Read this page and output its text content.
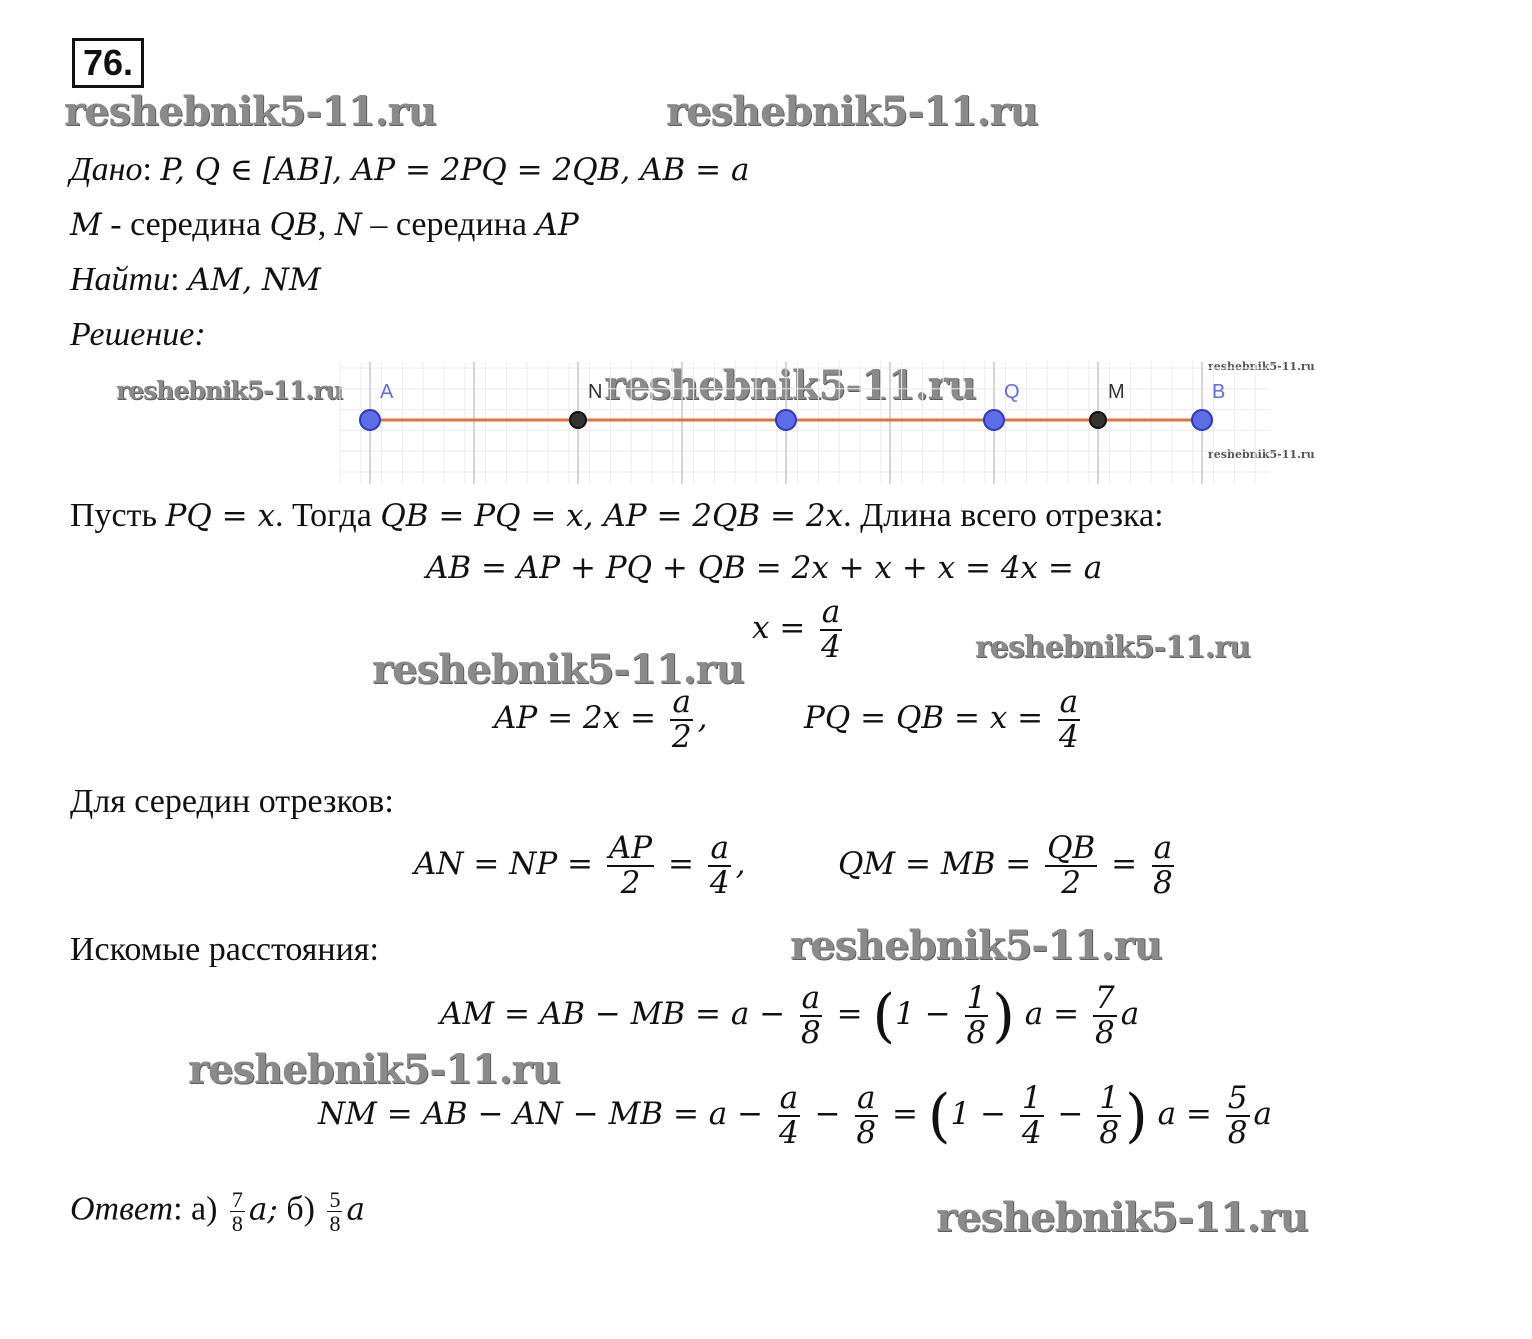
76.
reshebnik5-11.ru	reshebnik5-11.ru
reshebnik5-11.ru	reshebnik5-11.ru	reshebnik5-11.ru
reshebnik5-11.ru
reshebnik5-11.ru
reshebnik5-11.ru
reshebnik5-11.ru
reshebnik5-11.ru
reshebnik5-11.ru
Дано: P, Q ∈ [AB], AP = 2PQ = 2QB, AB = a
M - середина QB, N – середина AP
Найти: AM, NM
Решение:
A	N	Q	M	B
Пусть PQ = x. Тогда QB = PQ = x, AP = 2QB = 2x. Длина всего отрезка:
AB = AP + PQ + QB = 2x + x + x = 4x = a
$x = \frac{a}{4}$
AP = $2x = \frac{a}{2}$ ,	PQ = QB = $x = \frac{a}{4}$
Для середин отрезков:
AN = NP = $\frac{AP}{2} = \frac{a}{4}$ ,	QM = MB = $\frac{QB}{2} = \frac{a}{8}$
Искомые расстояния:
AM = AB − MB = $a - \frac{a}{8} = (1 - \frac{1}{8}$ ) $a = \frac{7}{8}$ a
NM = AB − AN − MB = $a - \frac{a}{4} - \frac{a}{8} = (1 - \frac{1}{4} - \frac{1}{8}$ ) $a = \frac{5}{8}$ a
Ответ: $а) \frac{7}{8} a$; $б) \frac{5}{8}$ a
